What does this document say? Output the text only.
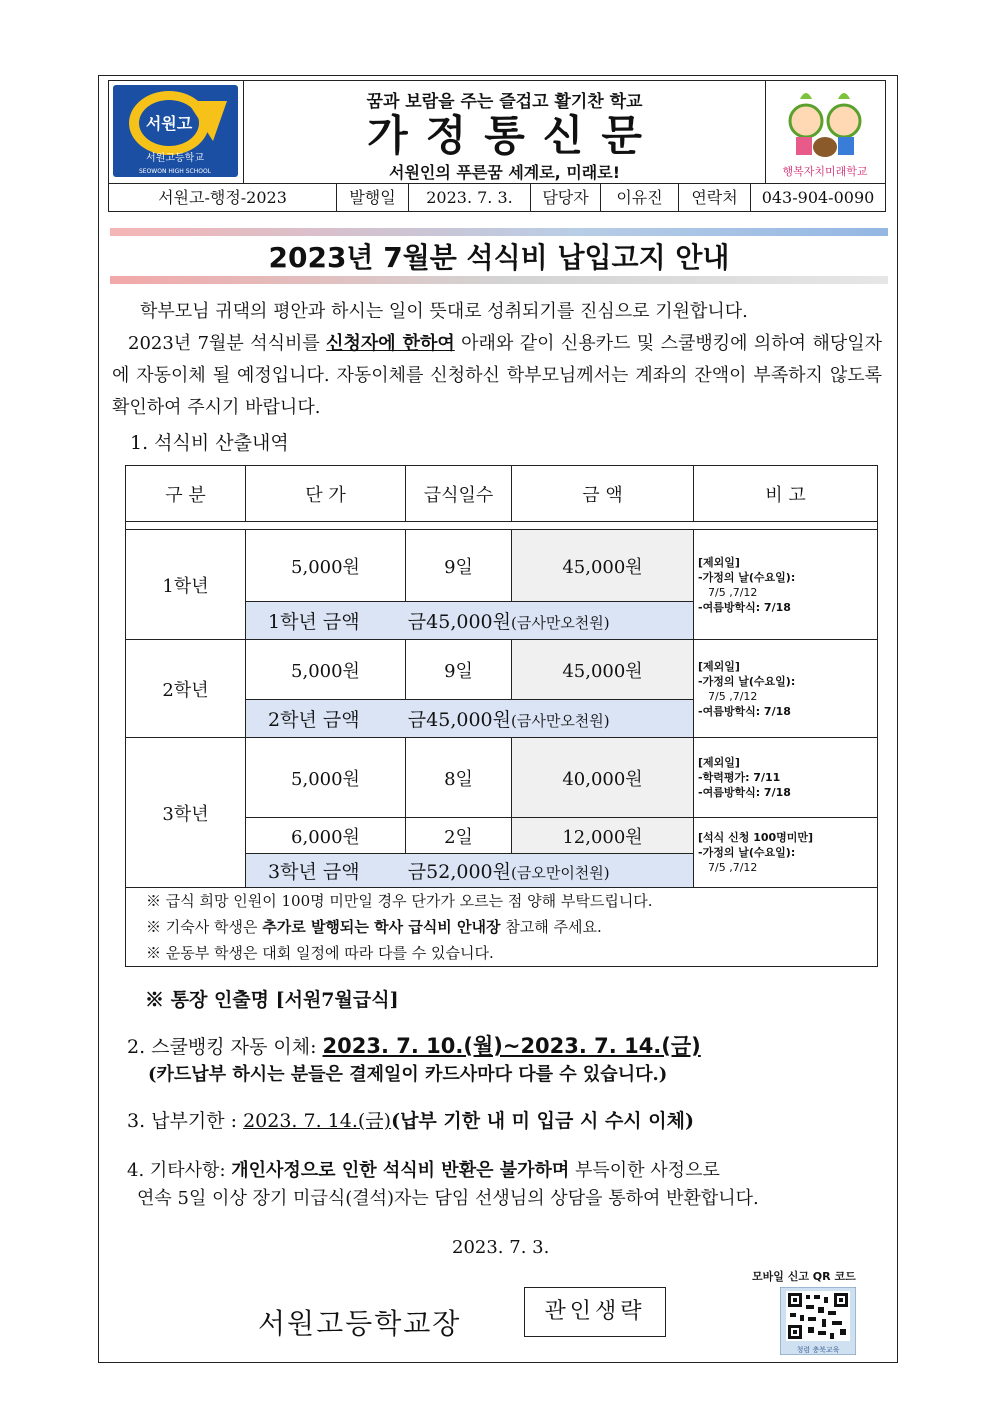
서원고
서원고등학교
SEOWON HIGH SCHOOL
꿈과 보람을 주는 즐겁고 활기찬 학교
가정통신문
서원인의 푸른꿈 세계로, 미래로!	행복자치미래학교
서원고-행정-2023	발행일	2023. 7. 3.	담당자	이유진	연락처	043-904-0090
2023년 7월분 석식비 납입고지 안내
학부모님 귀댁의 평안과 하시는 일이 뜻대로 성취되기를 진심으로 기원합니다.
2023년 7월분 석식비를 신청자에 한하여 아래와 같이 신용카드 및 스쿨뱅킹에 의하여 해당일자에 자동이체 될 예정입니다. 자동이체를 신청하신 학부모님께서는 계좌의 잔액이 부족하지 않도록 확인하여 주시기 바랍니다.
1. 석식비 산출내역
구 분	단 가	급식일수	금 액	비 고

1학년	5,000원	9일	45,000원	[제외일]
-가정의 날(수요일):
7/5 ,7/12
-여름방학식: 7/18
	1학년 금액 금45,000원(금사만오천원)			
2학년	5,000원	9일	45,000원	[제외일]
-가정의 날(수요일):
7/5 ,7/12
-여름방학식: 7/18
	2학년 금액 금45,000원(금사만오천원)			
3학년	5,000원	8일	40,000원	[제외일]
-학력평가: 7/11
-여름방학식: 7/18
	6,000원	2일	12,000원	[석식 신청 100명미만]
-가정의 날(수요일):
7/5 ,7/12
	3학년 금액 금52,000원(금오만이천원)			

※ 급식 희망 인원이 100명 미만일 경우 단가가 오르는 점 양해 부탁드립니다.
※ 기숙사 학생은 추가로 발행되는 학사 급식비 안내장 참고해 주세요.
※ 운동부 학생은 대회 일정에 따라 다를 수 있습니다.				
※ 통장 인출명 [서원7월급식]
2. 스쿨뱅킹 자동 이체: 2023. 7. 10.(월)~2023. 7. 14.(금)
(카드납부 하시는 분들은 결제일이 카드사마다 다를 수 있습니다.)
3. 납부기한 : 2023. 7. 14.(금)(납부 기한 내 미 입금 시 수시 이체)
4. 기타사항: 개인사정으로 인한 석식비 반환은 불가하며 부득이한 사정으로
연속 5일 이상 장기 미급식(결석)자는 담임 선생님의 상담을 통하여 반환합니다.
2023. 7. 3.
모바일 신고 QR 코드
청렴 충북교육
서원고등학교장	관인생략
